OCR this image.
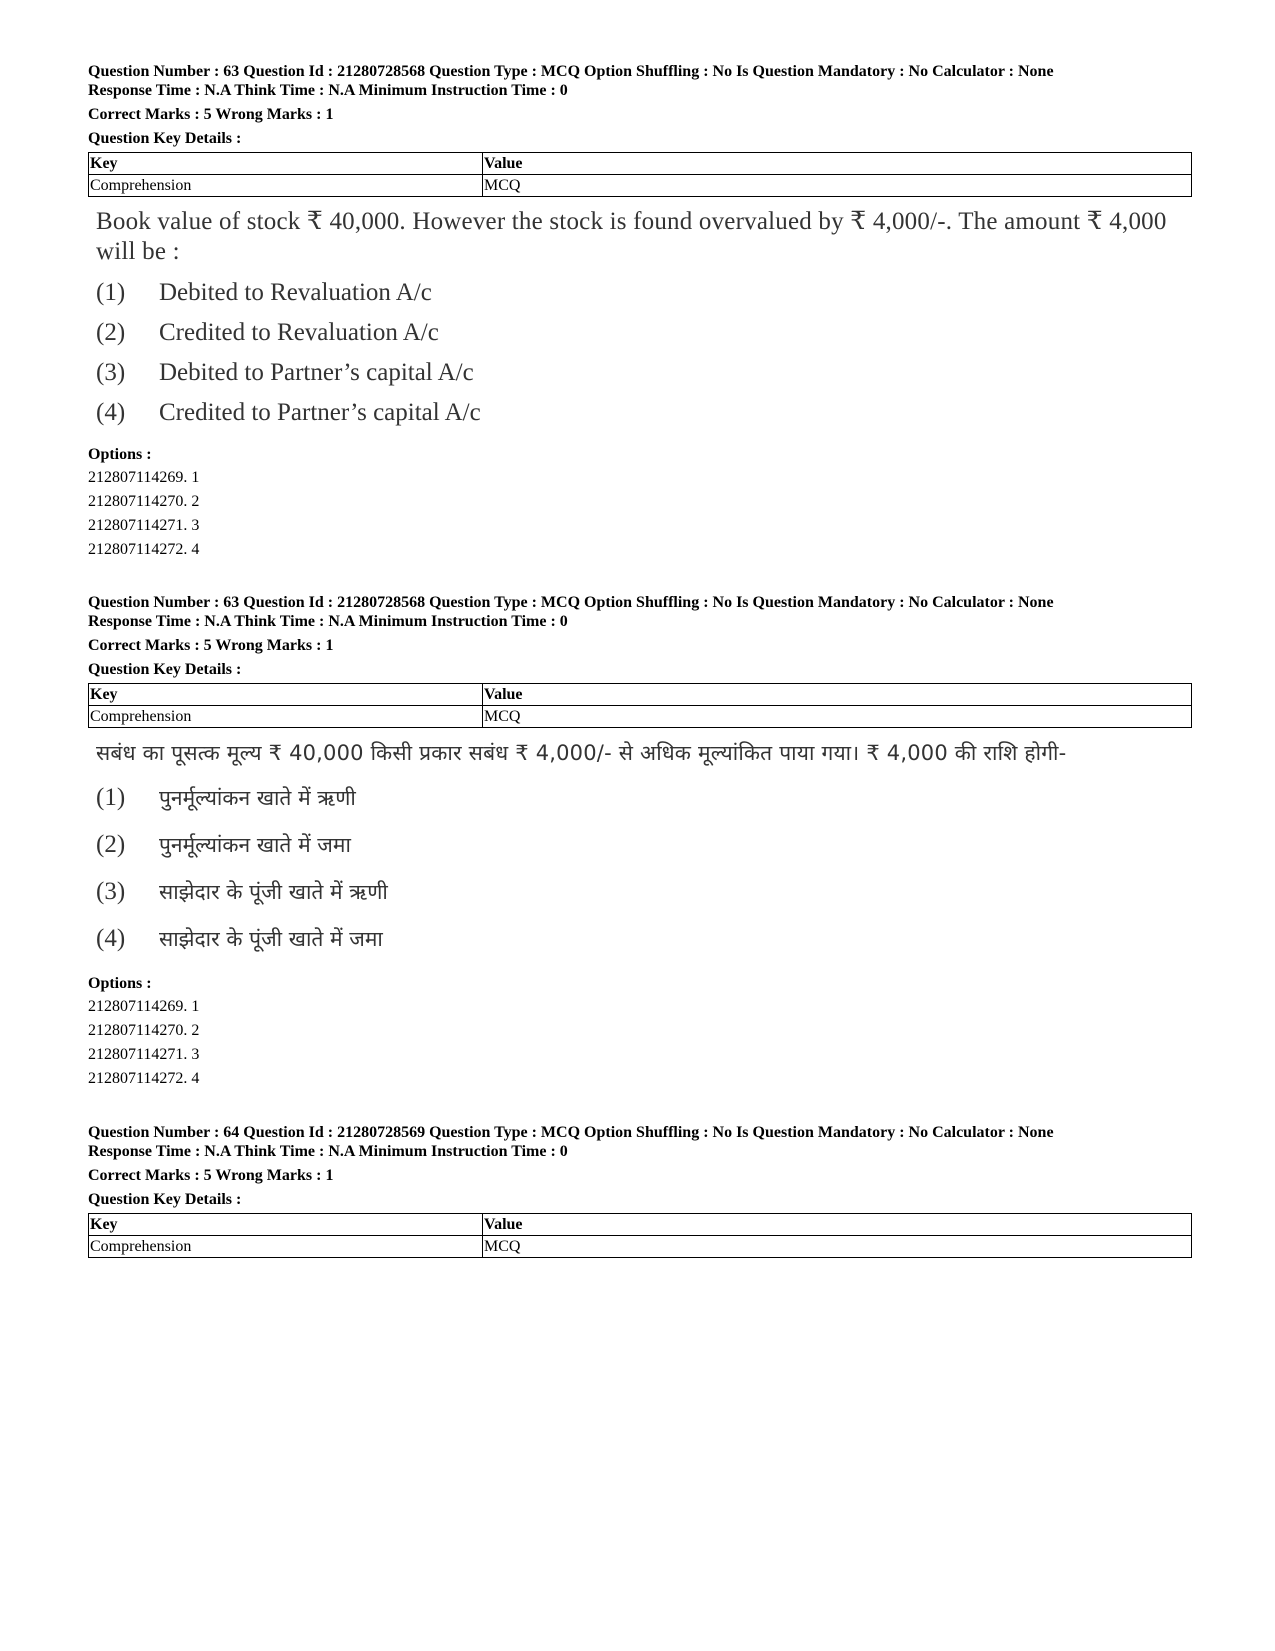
Question Number : 63 Question Id : 21280728568 Question Type : MCQ Option Shuffling : No Is Question Mandatory : No Calculator : None

Response Time : N.A Think Time : N.A Minimum Instruction Time : 0

Correct Marks : 5 Wrong Marks : 1

Question Key Details :

Key	Value
Comprehension	MCQ
Book value of stock ₹ 40,000. However the stock is found overvalued by ₹ 4,000/-. The amount ₹ 4,000 will be :
(1)	Debited to Revaluation A/c
(2)	Credited to Revaluation A/c
(3)	Debited to Partner’s capital A/c
(4)	Credited to Partner’s capital A/c
Options :
212807114269. 1
212807114270. 2
212807114271. 3
212807114272. 4

Question Number : 63 Question Id : 21280728568 Question Type : MCQ Option Shuffling : No Is Question Mandatory : No Calculator : None

Response Time : N.A Think Time : N.A Minimum Instruction Time : 0

Correct Marks : 5 Wrong Marks : 1

Question Key Details :

Key	Value
Comprehension	MCQ
सबंध का पूसत्क मूल्य ₹ 40,000 किसी प्रकार सबंध ₹ 4,000/- से अधिक मूल्यांकित पाया गया। ₹ 4,000 की राशि होगी-
(1)	पुनर्मूल्यांकन खाते में ऋणी
(2)	पुनर्मूल्यांकन खाते में जमा
(3)	साझेदार के पूंजी खाते में ऋणी
(4)	साझेदार के पूंजी खाते में जमा
Options :
212807114269. 1
212807114270. 2
212807114271. 3
212807114272. 4

Question Number : 64 Question Id : 21280728569 Question Type : MCQ Option Shuffling : No Is Question Mandatory : No Calculator : None

Response Time : N.A Think Time : N.A Minimum Instruction Time : 0

Correct Marks : 5 Wrong Marks : 1

Question Key Details :

Key	Value
Comprehension	MCQ
